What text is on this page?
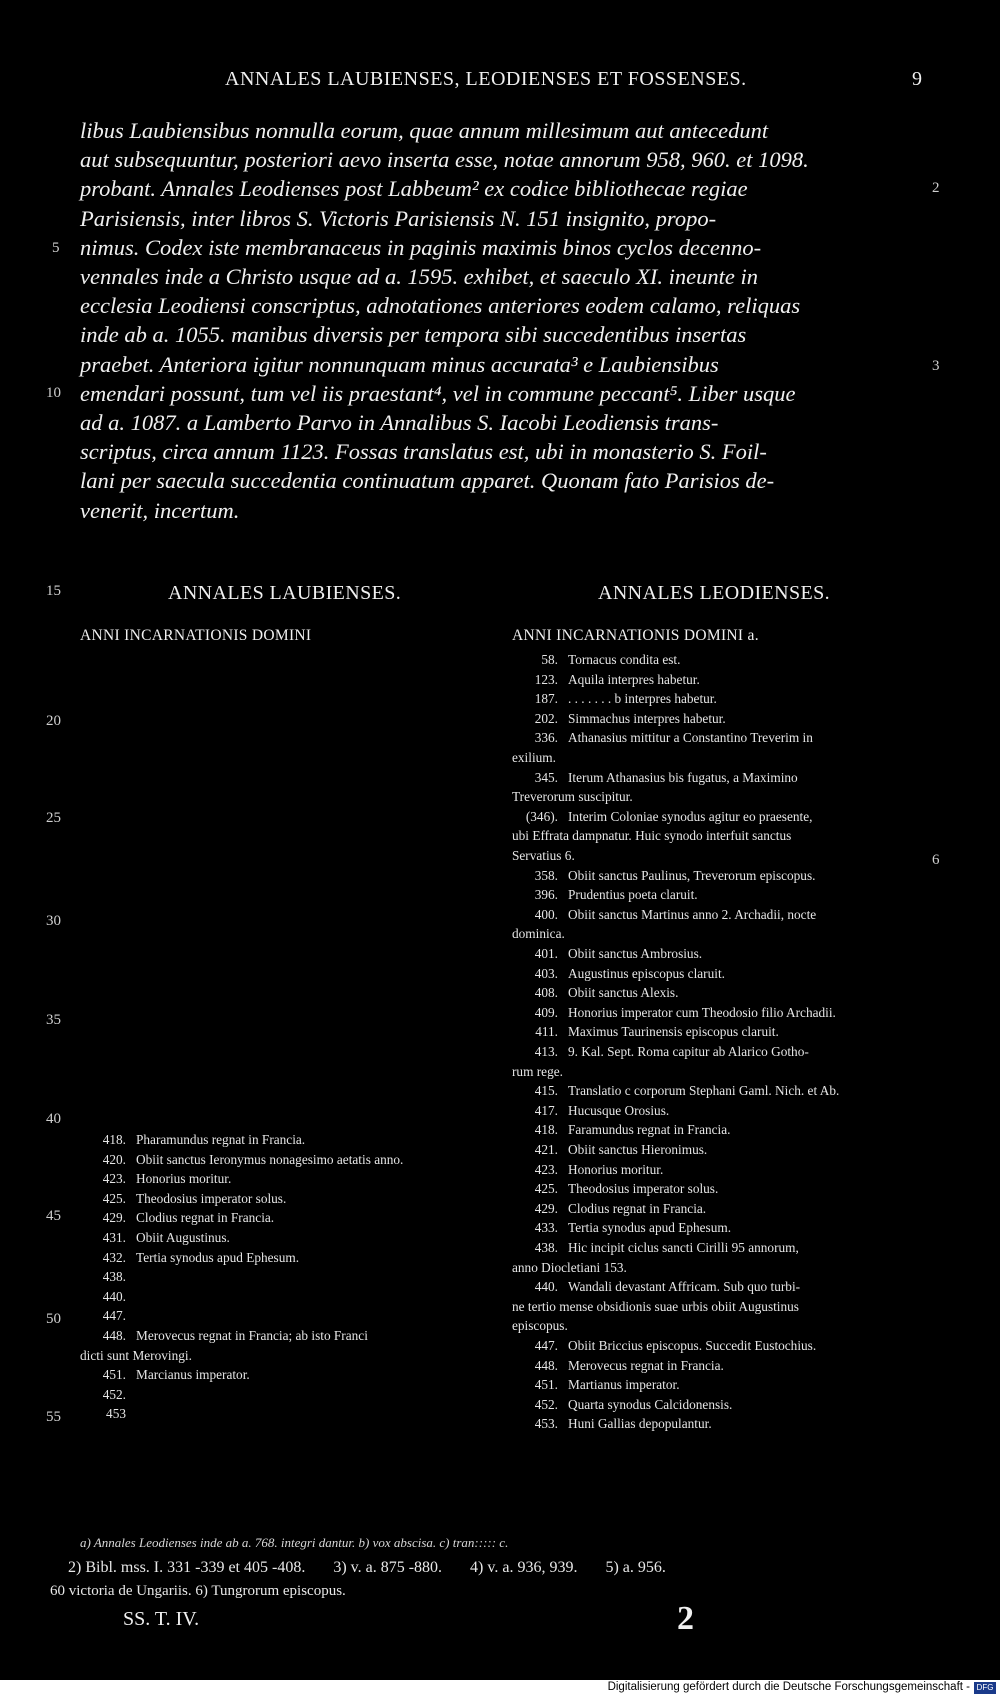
ANNALES LAUBIENSES, LEODIENSES ET FOSSENSES.	9

libus Laubiensibus nonnulla eorum, quae annum millesimum aut antecedunt

aut subsequuntur, posteriori aevo inserta esse, notae annorum 958, 960. et 1098.

probant. Annales Leodienses post Labbeum² ex codice bibliothecae regiae

Parisiensis, inter libros S. Victoris Parisiensis N. 151 insignito, propo-

nimus. Codex iste membranaceus in paginis maximis binos cyclos decenno-

vennales inde a Christo usque ad a. 1595. exhibet, et saeculo XI. ineunte in

ecclesia Leodiensi conscriptus, adnotationes anteriores eodem calamo, reliquas

inde ab a. 1055. manibus diversis per tempora sibi succedentibus insertas

praebet. Anteriora igitur nonnunquam minus accurata³ e Laubiensibus

emendari possunt, tum vel iis praestant⁴, vel in commune peccant⁵. Liber usque

ad a. 1087. a Lamberto Parvo in Annalibus S. Iacobi Leodiensis trans-

scriptus, circa annum 1123. Fossas translatus est, ubi in monasterio S. Foil-

lani per saecula succedentia continuatum apparet. Quonam fato Parisios de-

venerit, incertum.

5
10
15
20
25
30
35
40
45
50
55
2
3
6
ANNALES LAUBIENSES.	ANNALES LEODIENSES.
ANNI INCARNATIONIS DOMINI	ANNI INCARNATIONIS DOMINI a.
418. Pharamundus regnat in Francia.
420. Obiit sanctus Ieronymus nonagesimo aetatis anno.
423. Honorius moritur.
425. Theodosius imperator solus.
429. Clodius regnat in Francia.
431. Obiit Augustinus.
432. Tertia synodus apud Ephesum.
438.
440.
447.
448. Merovecus regnat in Francia; ab isto Franci
dicti sunt Merovingi.
451. Marcianus imperator.
452.
453
58. Tornacus condita est.
123. Aquila interpres habetur.
187. . . . . . . . b interpres habetur.
202. Simmachus interpres habetur.
336. Athanasius mittitur a Constantino Treverim in
exilium.
345. Iterum Athanasius bis fugatus, a Maximino
Treverorum suscipitur.
(346). Interim Coloniae synodus agitur eo praesente,
ubi Effrata dampnatur. Huic synodo interfuit sanctus
Servatius 6.
358. Obiit sanctus Paulinus, Treverorum episcopus.
396. Prudentius poeta claruit.
400. Obiit sanctus Martinus anno 2. Archadii, nocte
dominica.
401. Obiit sanctus Ambrosius.
403. Augustinus episcopus claruit.
408. Obiit sanctus Alexis.
409. Honorius imperator cum Theodosio filio Archadii.
411. Maximus Taurinensis episcopus claruit.
413. 9. Kal. Sept. Roma capitur ab Alarico Gotho-
rum rege.
415. Translatio c corporum Stephani Gaml. Nich. et Ab.
417. Hucusque Orosius.
418. Faramundus regnat in Francia.
421. Obiit sanctus Hieronimus.
423. Honorius moritur.
425. Theodosius imperator solus.
429. Clodius regnat in Francia.
433. Tertia synodus apud Ephesum.
438. Hic incipit ciclus sancti Cirilli 95 annorum,
anno Diocletiani 153.
440. Wandali devastant Affricam. Sub quo turbi-
ne tertio mense obsidionis suae urbis obiit Augustinus
episcopus.
447. Obiit Briccius episcopus. Succedit Eustochius.
448. Merovecus regnat in Francia.
451. Martianus imperator.
452. Quarta synodus Calcidonensis.
453. Huni Gallias depopulantur.
a) Annales Leodienses inde ab a. 768. integri dantur. b) vox abscisa. c) tran::::: c.
2) Bibl. mss. I. 331 -339 et 405 -408. 3) v. a. 875 -880. 4) v. a. 936, 939. 5) a. 956.
60 victoria de Ungariis. 6) Tungrorum episcopus.
SS. T. IV.	2
Digitalisierung gefördert durch die Deutsche Forschungsgemeinschaft - DFG
